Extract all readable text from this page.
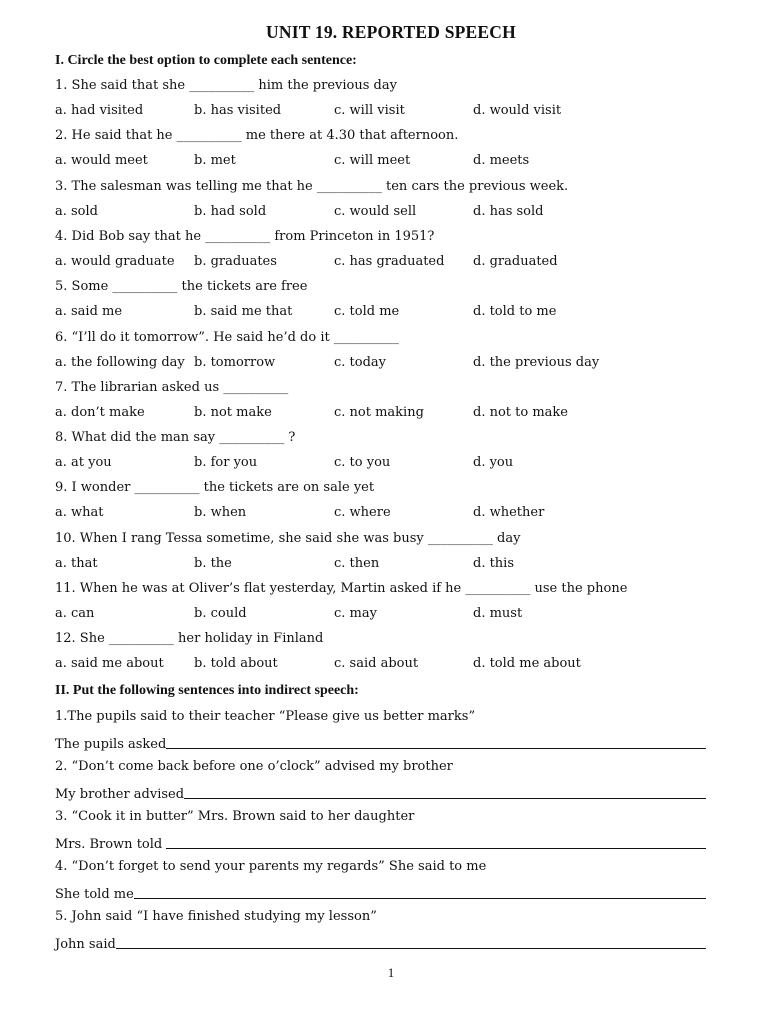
UNIT 19. REPORTED SPEECH
I. Circle the best option to complete each sentence:
1. She said that she __________ him the previous day
a. had visited	b. has visited	c. will visit	d. would visit
2. He said that he __________ me there at 4.30 that afternoon.
a. would meet	b. met	c. will meet	d. meets
3. The salesman was telling me that he __________ ten cars the previous week.
a. sold	b. had sold	c. would sell	d. has sold
4. Did Bob say that he __________ from Princeton in 1951?
a. would graduate b. graduates	c. has graduated d. graduated
5. Some __________ the tickets are free
a. said me	b. said me that	c. told me	d. told to me
6. “I’ll do it tomorrow”. He said he’d do it __________
a. the following day b. tomorrow	c. today	d. the previous day
7. The librarian asked us __________
a. don’t make	b. not make	c. not making	d. not to make
8. What did the man say __________ ?
a. at you	b. for you	c. to you	d. you
9. I wonder __________ the tickets are on sale yet
a. what	b. when	c. where	d. whether
10. When I rang Tessa sometime, she said she was busy __________ day
a. that	b. the	c. then	d. this
11. When he was at Oliver’s flat yesterday, Martin asked if he __________ use the phone
a. can	b. could	c. may	d. must
12. She __________ her holiday in Finland
a. said me about b. told about	c. said about	d. told me about
II. Put the following sentences into indirect speech:
1.The pupils said to their teacher “Please give us better marks”
The pupils asked
2. “Don’t come back before one o’clock” advised my brother
My brother advised
3. “Cook it in butter” Mrs. Brown said to her daughter
Mrs. Brown told
4. “Don’t forget to send your parents my regards” She said to me
She told me
5. John said “I have finished studying my lesson”
John said
1
